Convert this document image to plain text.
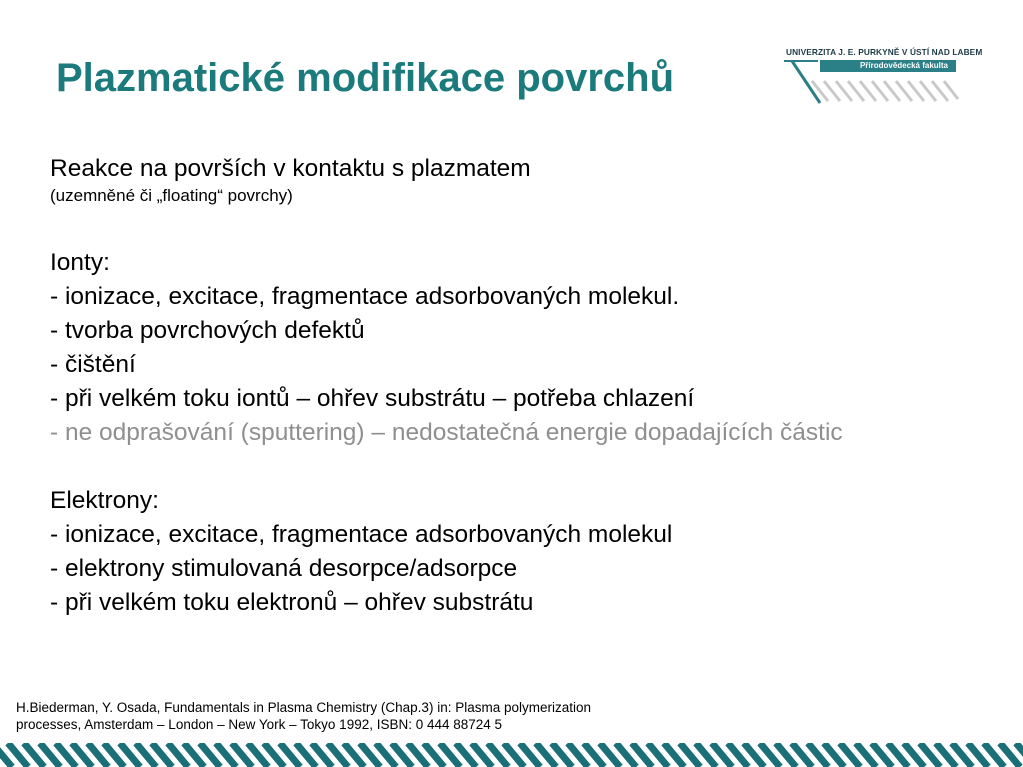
Plazmatické modifikace povrchů
UNIVERZITA J. E. PURKYNĚ V ÚSTÍ NAD LABEM
Přírodovědecká fakulta
Reakce na površích v kontaktu s plazmatem
(uzemněné či „floating“ povrchy)
Ionty:
- ionizace, excitace, fragmentace adsorbovaných molekul.
- tvorba povrchových defektů
- čištění
- při velkém toku iontů – ohřev substrátu – potřeba chlazení
- ne odprašování (sputtering) – nedostatečná energie dopadajících částic
Elektrony:
- ionizace, excitace, fragmentace adsorbovaných molekul
- elektrony stimulovaná desorpce/adsorpce
- při velkém toku elektronů – ohřev substrátu
H.Biederman, Y. Osada, Fundamentals in Plasma Chemistry (Chap.3) in: Plasma polymerization
processes, Amsterdam – London – New York – Tokyo 1992, ISBN: 0 444 88724 5
